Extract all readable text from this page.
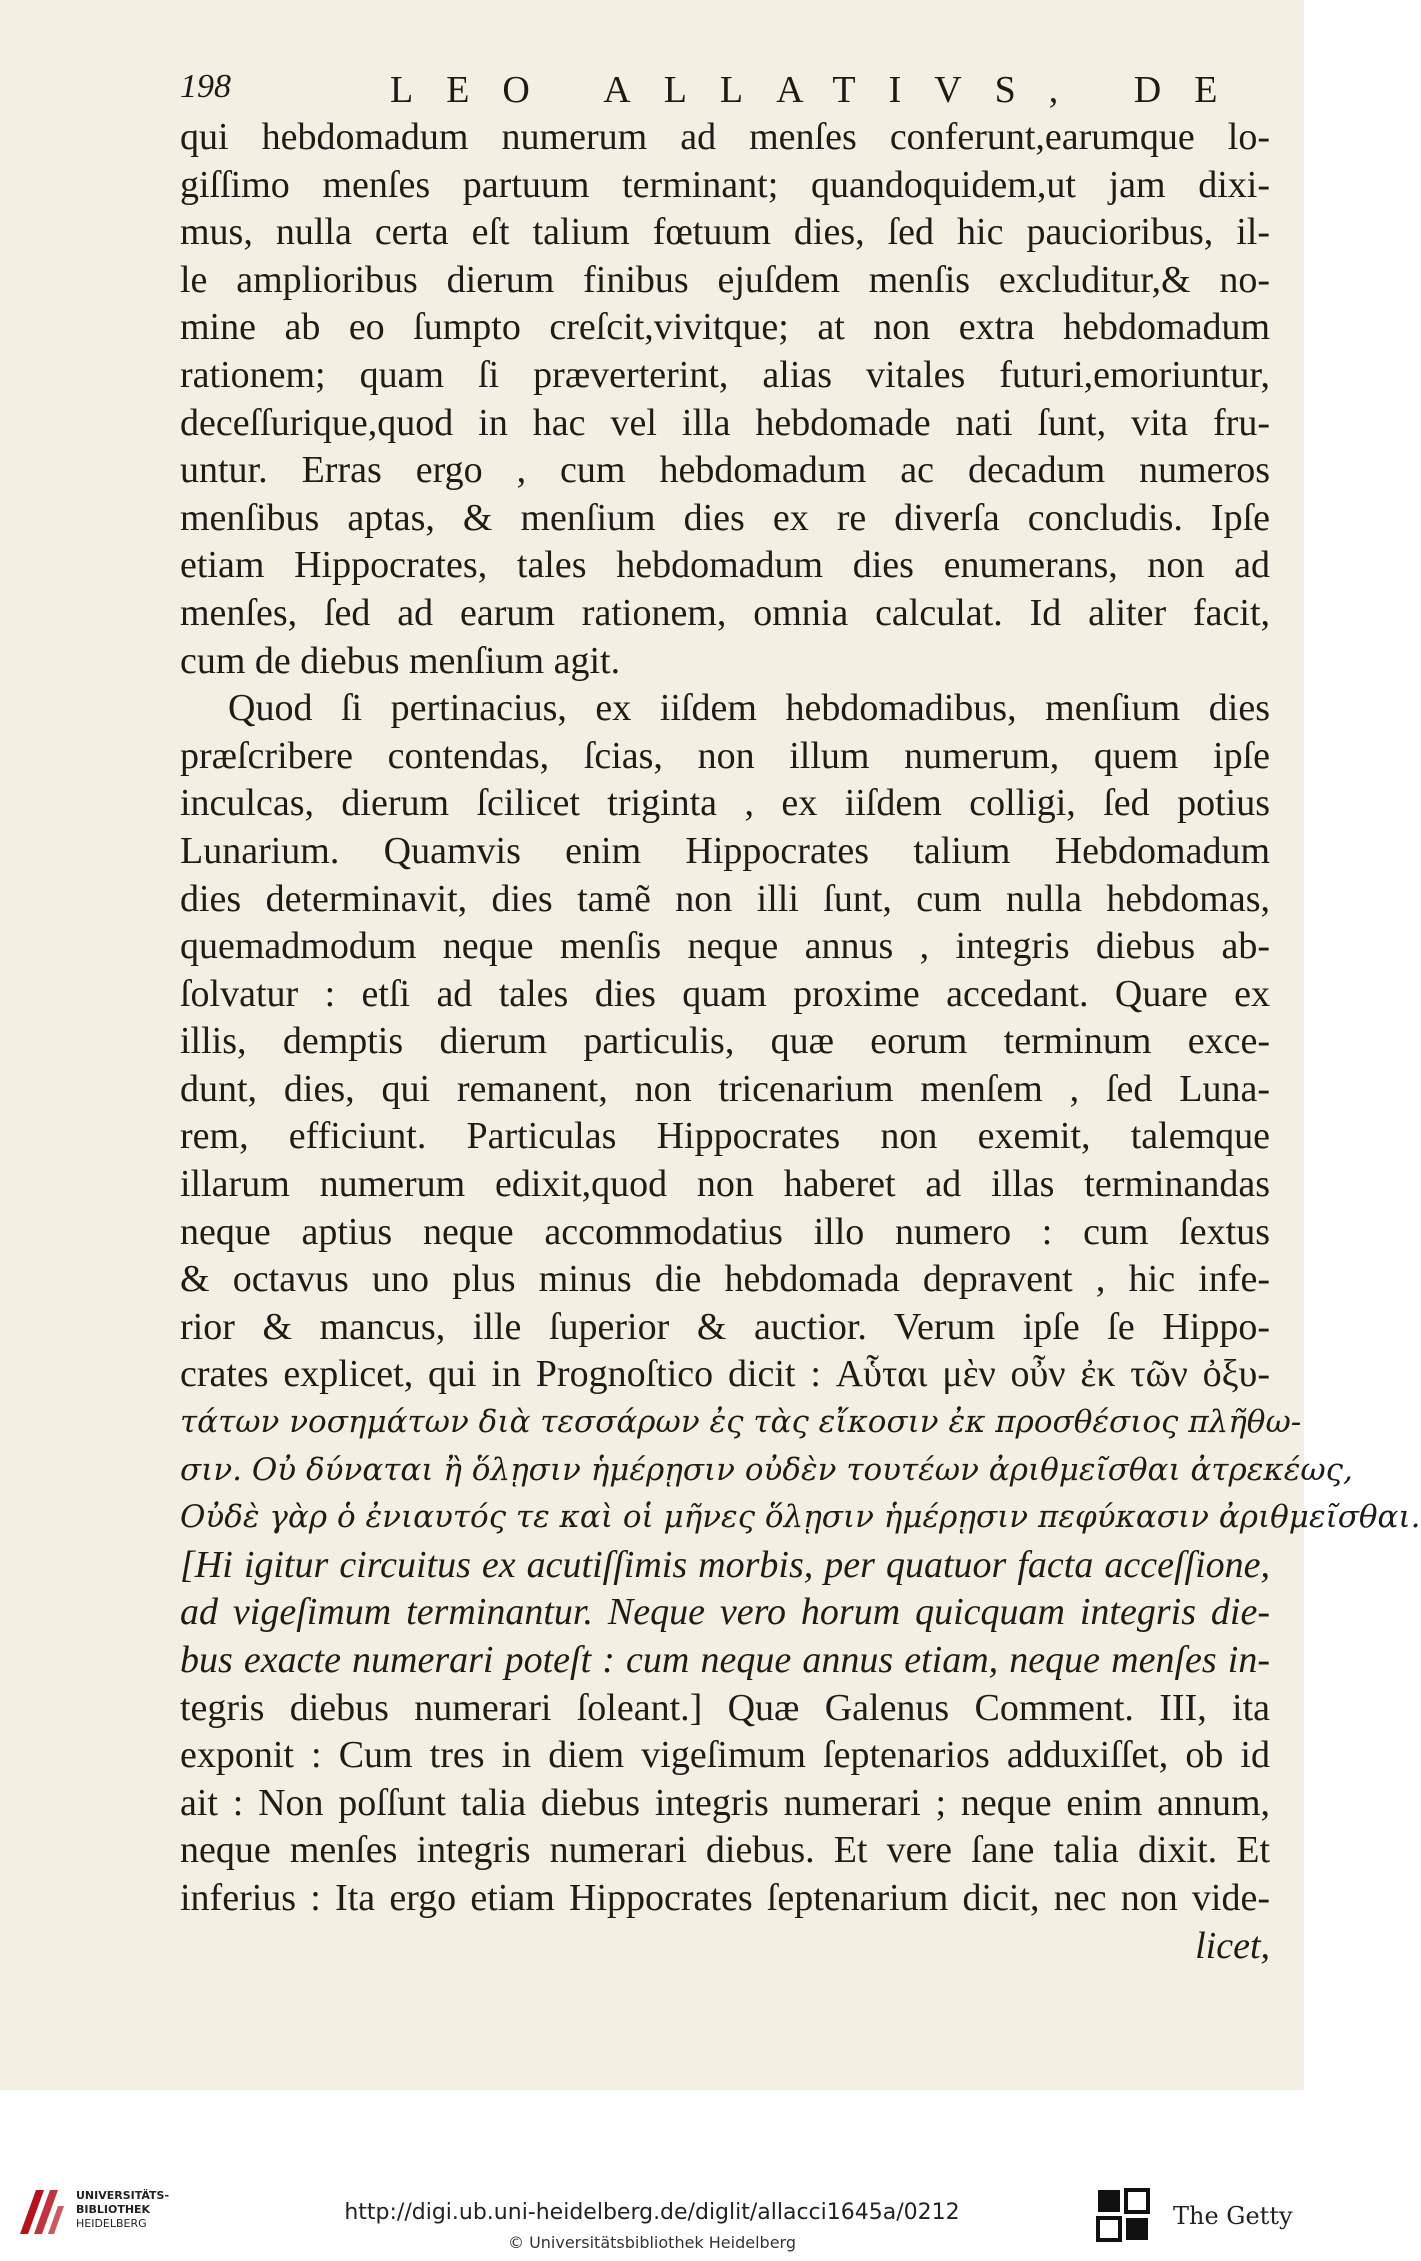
198	LEO ALLATIVS, DE
qui hebdomadum numerum ad menſes conferunt,earumque lo-
giſſimo menſes partuum terminant; quandoquidem,ut jam dixi-
mus, nulla certa eſt talium fœtuum dies, ſed hic paucioribus, il-
le amplioribus dierum finibus ejuſdem menſis excluditur,& no-
mine ab eo ſumpto creſcit,vivitque; at non extra hebdomadum
rationem; quam ſi præverterint, alias vitales futuri,emoriuntur,
deceſſurique,quod in hac vel illa hebdomade nati ſunt, vita fru-
untur. Erras ergo , cum hebdomadum ac decadum numeros
menſibus aptas, & menſium dies ex re diverſa concludis. Ipſe
etiam Hippocrates, tales hebdomadum dies enumerans, non ad
menſes, ſed ad earum rationem, omnia calculat. Id aliter facit,
cum de diebus menſium agit.
Quod ſi pertinacius, ex iiſdem hebdomadibus, menſium dies
præſcribere contendas, ſcias, non illum numerum, quem ipſe
inculcas, dierum ſcilicet triginta , ex iiſdem colligi, ſed potius
Lunarium. Quamvis enim Hippocrates talium Hebdomadum
dies determinavit, dies tamẽ non illi ſunt, cum nulla hebdomas,
quemadmodum neque menſis neque annus , integris diebus ab-
ſolvatur : etſi ad tales dies quam proxime accedant. Quare ex
illis, demptis dierum particulis, quæ eorum terminum exce-
dunt, dies, qui remanent, non tricenarium menſem , ſed Luna-
rem, efficiunt. Particulas Hippocrates non exemit, talemque
illarum numerum edixit,quod non haberet ad illas terminandas
neque aptius neque accommodatius illo numero : cum ſextus
& octavus uno plus minus die hebdomada depravent , hic infe-
rior & mancus, ille ſuperior & auctior. Verum ipſe ſe Hippo-
crates explicet, qui in Prognoſtico dicit : Αὗται μὲν οὖν ἐκ τῶν ὀξυ-
τάτων νοσημάτων διὰ τεσσάρων ἐς τὰς εἴκοσιν ἐκ προσθέσιος πλῆθω-
σιν. Οὐ δύναται ἢ ὅλῃσιν ἡμέρῃσιν οὐδὲν τουτέων ἀριθμεῖσθαι ἀτρεκέως,
Οὐδὲ γὰρ ὁ ἐνιαυτός τε καὶ οἱ μῆνες ὅλῃσιν ἡμέρῃσιν πεφύκασιν ἀριθμεῖσθαι.
[Hi igitur circuitus ex acutiſſimis morbis, per quatuor facta acceſſione,
ad vigeſimum terminantur. Neque vero horum quicquam integris die-
bus exacte numerari poteſt : cum neque annus etiam, neque menſes in-
tegris diebus numerari ſoleant.] Quæ Galenus Comment. III, ita
exponit : Cum tres in diem vigeſimum ſeptenarios adduxiſſet, ob id
ait : Non poſſunt talia diebus integris numerari ; neque enim annum,
neque menſes integris numerari diebus. Et vere ſane talia dixit. Et
inferius : Ita ergo etiam Hippocrates ſeptenarium dicit, nec non vide-
licet,
UNIVERSITÄTS-
BIBLIOTHEK
HEIDELBERG	http://digi.ub.uni-heidelberg.de/diglit/allacci1645a/0212
© Universitätsbibliothek Heidelberg
The Getty
